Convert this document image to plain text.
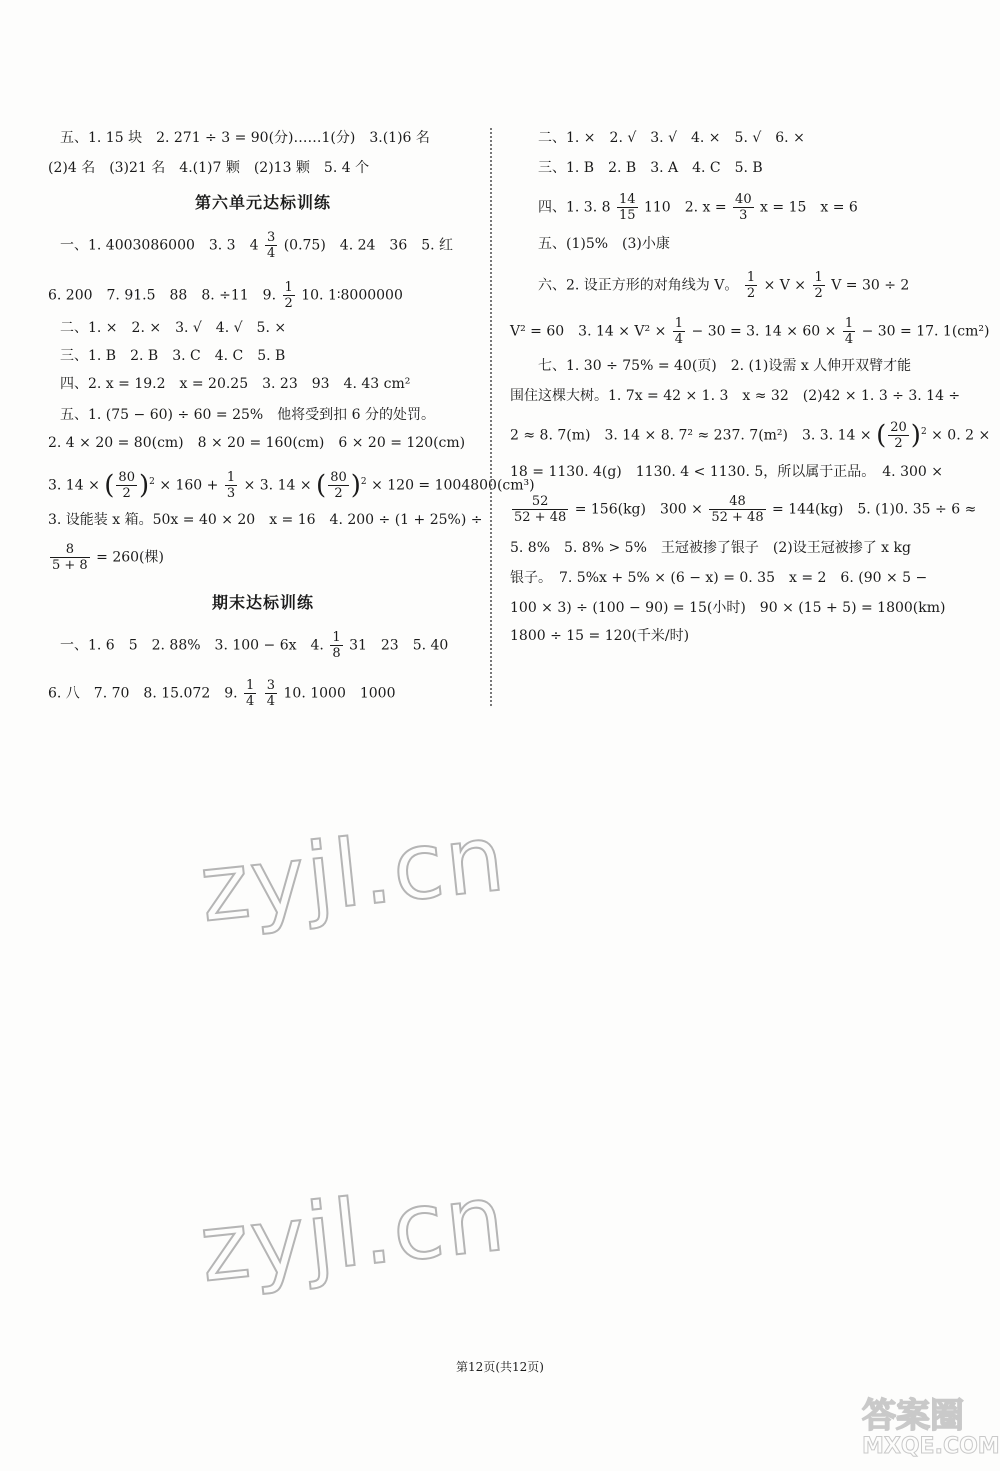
五、1. 15 块　2. 271 ÷ 3 = 90(分)……1(分)　3.(1)6 名
(2)4 名　(3)21 名　4.(1)7 颗　(2)13 颗　5. 4 个
第六单元达标训练
一、1. 4003086000　3. 3　$4 \frac{3}{4} (0.75)$　4. 24　36　5. 红
6. 200　7. 91.5　88　8. ÷11　9. $\frac{1}{2} 10$. 1∶8000000
二、1. ×　2. ×　3. √　4. √　5. ×
三、1. B　2. B　3. C　4. C　5. B
四、2. x = 19.2　x = 20.25　3. 23　93　4. 43 cm²
五、1. (75 − 60) ÷ 60 = 25%　他将受到扣 6 分的处罚。
2. 4 × 20 = 80(cm)　8 × 20 = 160(cm)　6 × 20 = 120(cm)
3. 14 × ( $\frac{80}{2} )^2 \times 160 + \frac{1}{3} \times 3$. 14 × ( $\frac{80}{2} )^2 \times 120 = 1004800(cm^3)$
3. 设能装 x 箱。50x = 40 × 20　x = 16　4. 200 ÷ (1 + 25%) ÷
$\frac{8}{5 + 8} = 260$(棵)
期末达标训练
一、1. 6　5　2. 88%　3. 100 − 6x　4. $\frac{1}{8} 31$　23　5. 40
6. 八　7. 70　8. 15.072　9. $\frac{1}{4}$
$\frac{3}{4} 10$. 1000　1000
二、1. ×　2. √　3. √　4. ×　5. √　6. ×
三、1. B　2. B　3. A　4. C　5. B
四、1. 3. $8 \frac{14}{15} 110$　2. $x = \frac{40}{3}$ x = 15　x = 6
五、(1)5%　(3)小康
六、2. 设正方形的对角线为 V。 $\frac{1}{2} \times V \times \frac{1}{2}$ V = 30 ÷ 2
V² = 60　3. $14 \times V^2 \times \frac{1}{4} - 30 = 3$. $14 \times 60 \times \frac{1}{4} - 30 = 17$. 1(cm²)
七、1. 30 ÷ 75% = 40(页)　2. (1)设需 x 人伸开双臂才能
围住这棵大树。1. 7x = 42 × 1. 3　x ≈ 32　(2)42 × 1. 3 ÷ 3. 14 ÷
2 ≈ 8. 7(m)　3. 14 × 8. 7² ≈ 237. 7(m²)　3. 3. 14 × ( $\frac{20}{2} )^2 \times 0$. 2 ×
18 = 1130. 4(g)　1130. 4 < 1130. 5，所以属于正品。　4. 300 ×
$\frac{52}{52 + 48} = 156(kg)$　$300 \times \frac{48}{52 + 48} = 144(kg)$　5. (1)0. 35 ÷ 6 ≈
5. 8%　5. 8% > 5%　王冠被掺了银子　(2)设王冠被掺了 x kg
银子。　7. 5%x + 5% × (6 − x) = 0. 35　x = 2　6. (90 × 5 −
100 × 3) ÷ (100 − 90) = 15(小时)　90 × (15 + 5) = 1800(km)
1800 ÷ 15 = 120(千米/时)
zyjl.cn
zyjl.cn
第12页(共12页)
答案圈
MXQE.COM
